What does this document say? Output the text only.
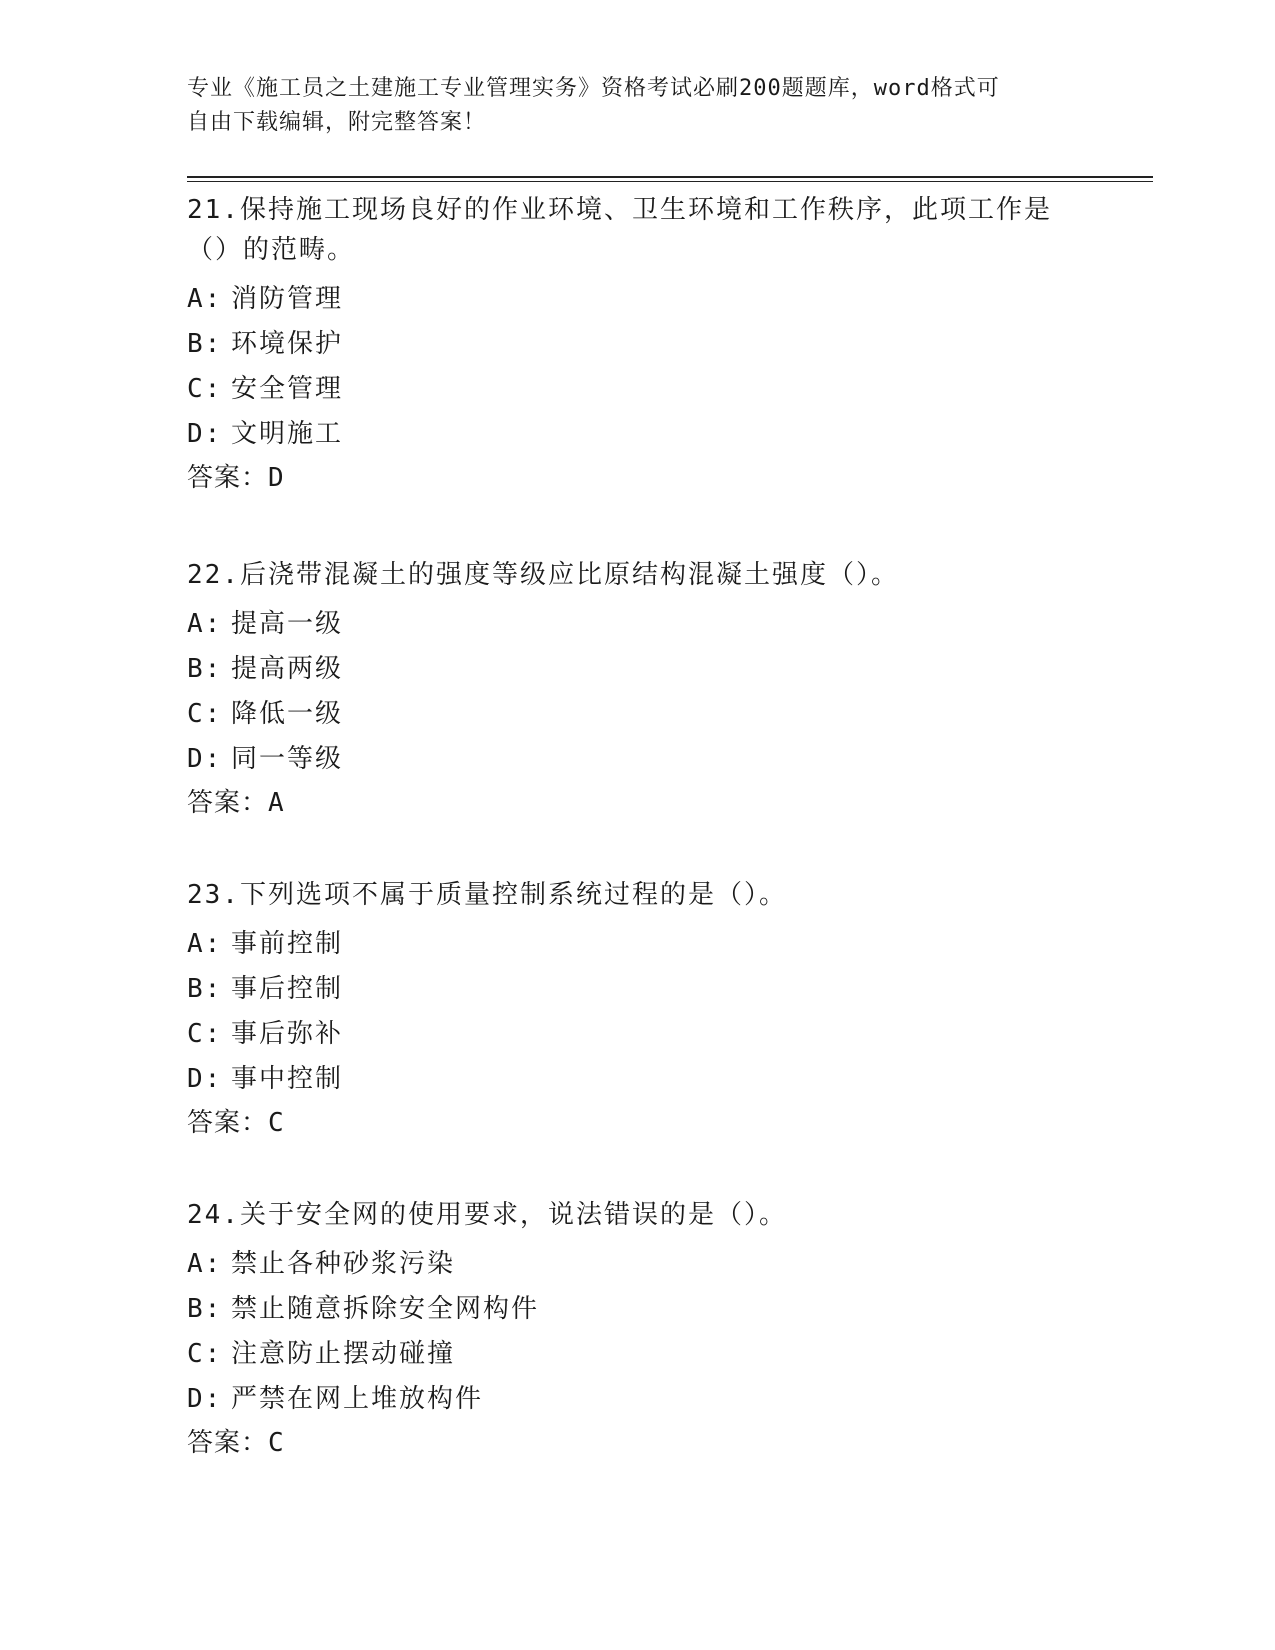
专业《施工员之土建施工专业管理实务》资格考试必刷200题题库，word格式可
自由下载编辑，附完整答案！
21.保持施工现场良好的作业环境、卫生环境和工作秩序，此项工作是
（）的范畴。
A: 消防管理
B: 环境保护
C: 安全管理
D: 文明施工
答案：D
22.后浇带混凝土的强度等级应比原结构混凝土强度（）。
A: 提高一级
B: 提高两级
C: 降低一级
D: 同一等级
答案：A
23.下列选项不属于质量控制系统过程的是（）。
A: 事前控制
B: 事后控制
C: 事后弥补
D: 事中控制
答案：C
24.关于安全网的使用要求，说法错误的是（）。
A: 禁止各种砂浆污染
B: 禁止随意拆除安全网构件
C: 注意防止摆动碰撞
D: 严禁在网上堆放构件
答案：C
